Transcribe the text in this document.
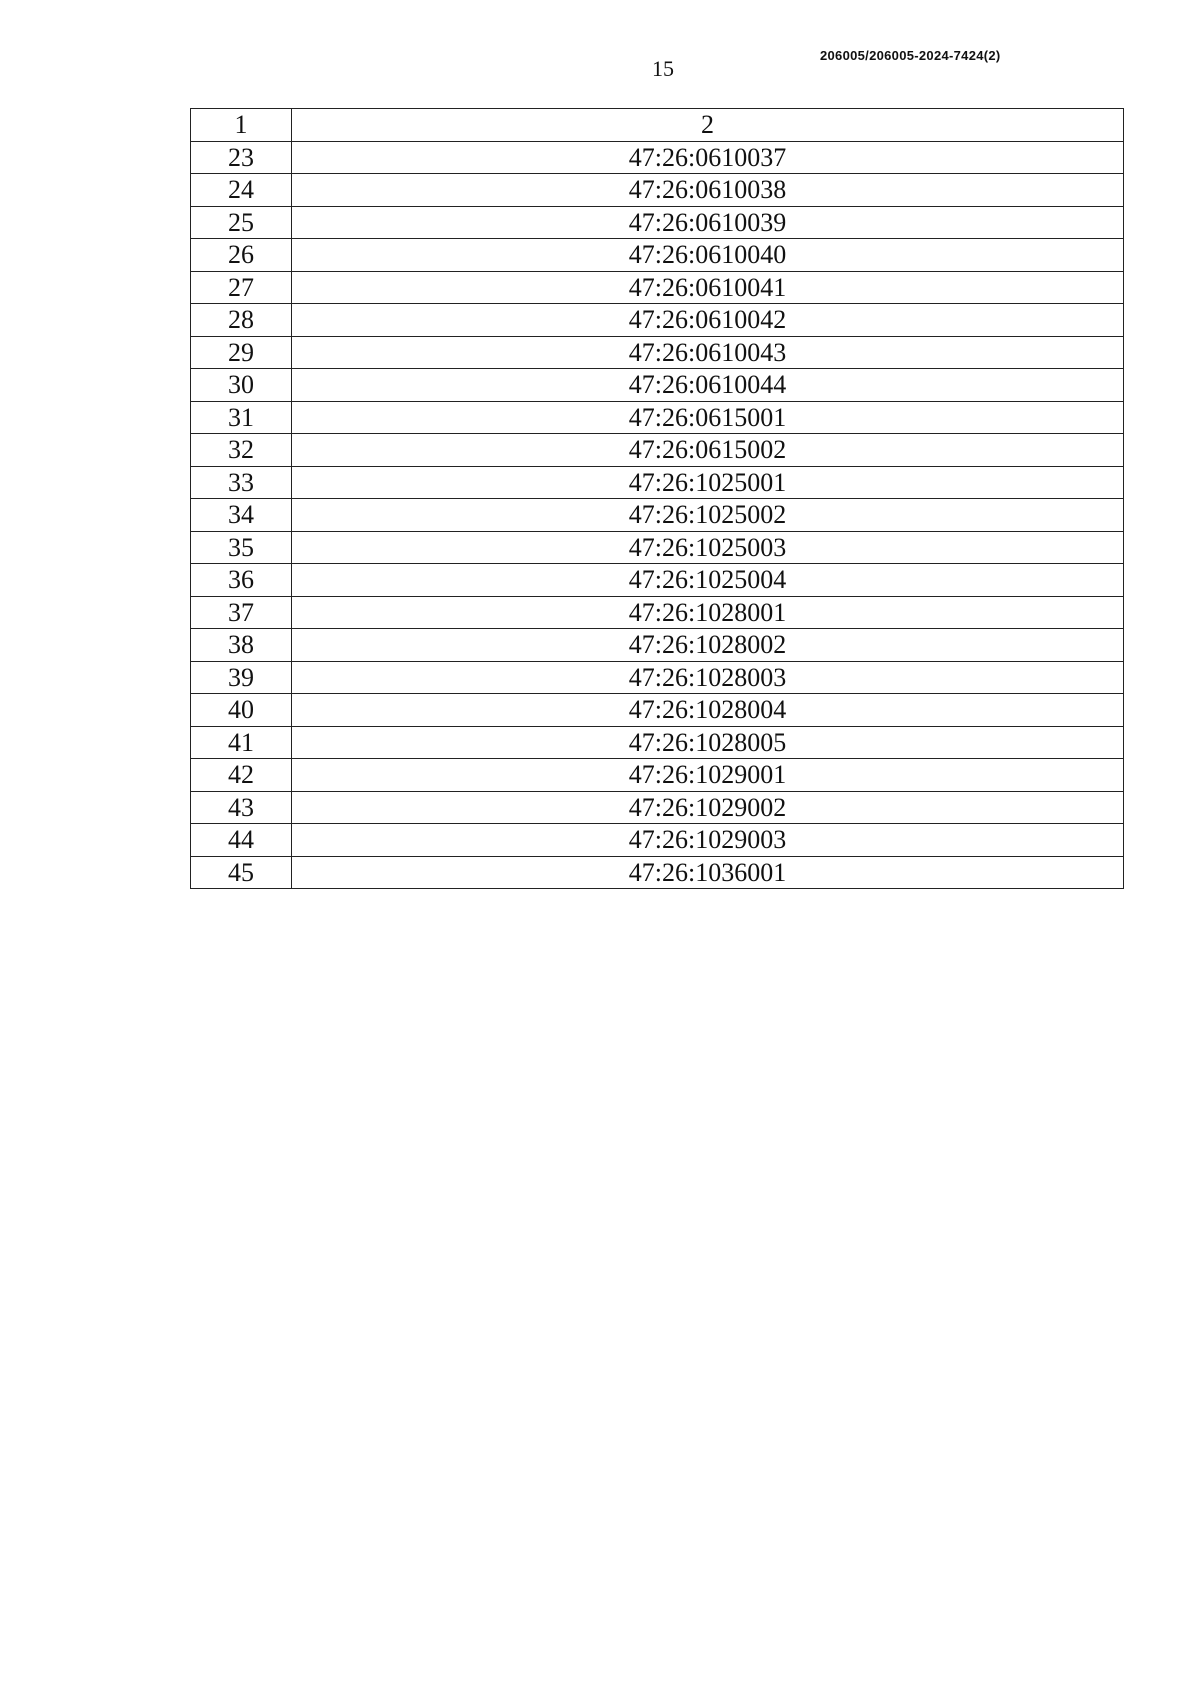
206005/206005-2024-7424(2)
15
1	2
23	47:26:0610037
24	47:26:0610038
25	47:26:0610039
26	47:26:0610040
27	47:26:0610041
28	47:26:0610042
29	47:26:0610043
30	47:26:0610044
31	47:26:0615001
32	47:26:0615002
33	47:26:1025001
34	47:26:1025002
35	47:26:1025003
36	47:26:1025004
37	47:26:1028001
38	47:26:1028002
39	47:26:1028003
40	47:26:1028004
41	47:26:1028005
42	47:26:1029001
43	47:26:1029002
44	47:26:1029003
45	47:26:1036001
